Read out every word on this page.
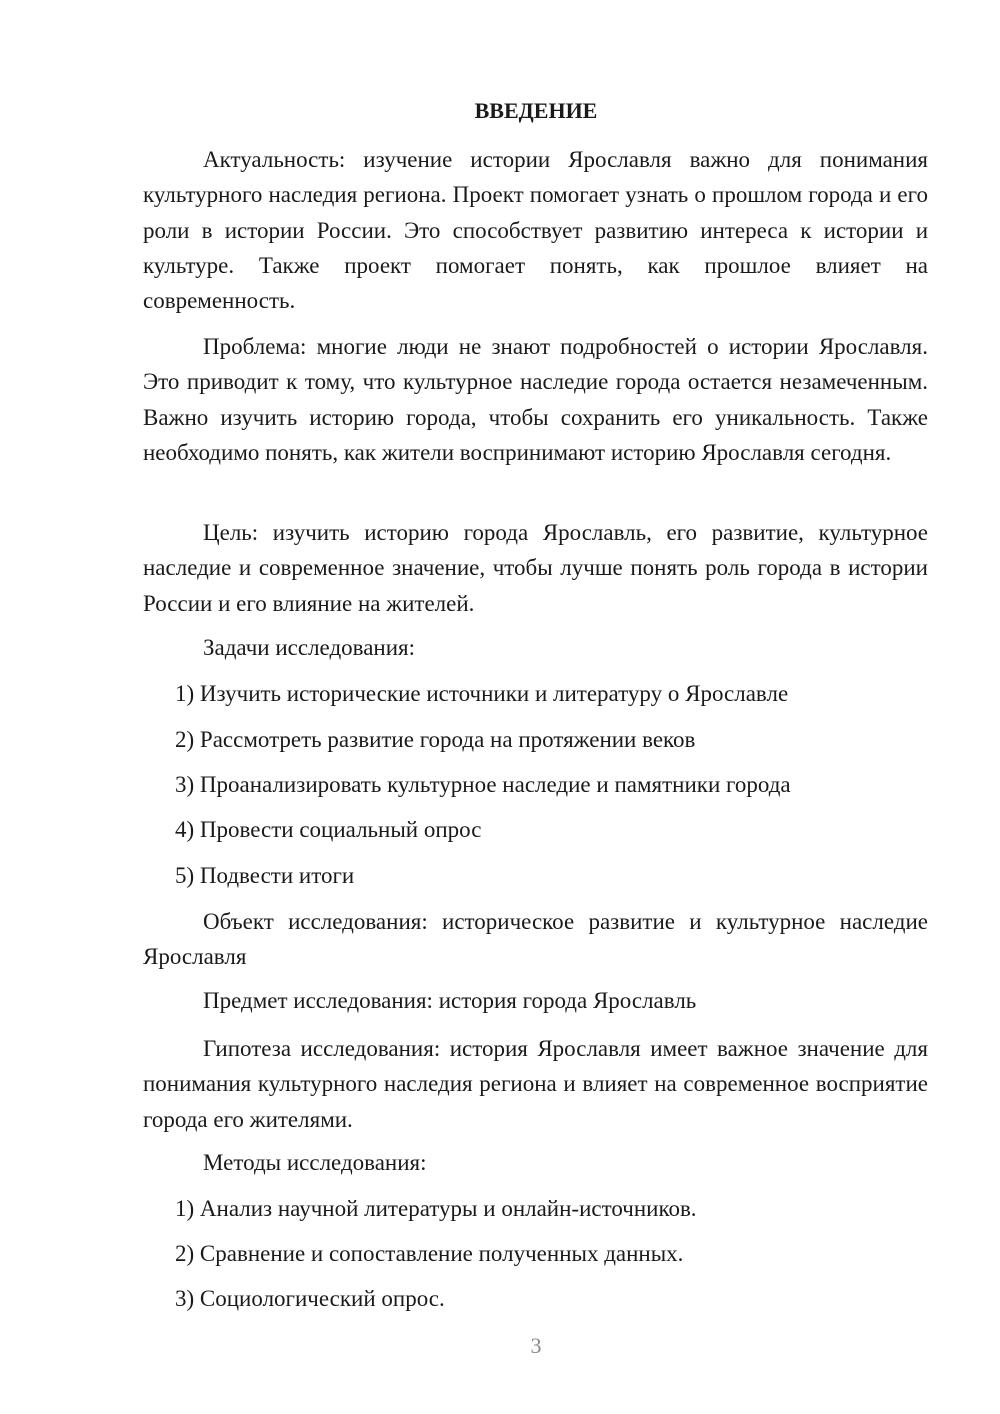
ВВЕДЕНИЕ

Актуальность: изучение истории Ярославля важно для понимания культурного наследия региона. Проект помогает узнать о прошлом города и его роли в истории России. Это способствует развитию интереса к истории и культуре. Также проект помогает понять, как прошлое влияет на современность.

Проблема: многие люди не знают подробностей о истории Ярославля. Это приводит к тому, что культурное наследие города остается незамеченным. Важно изучить историю города, чтобы сохранить его уникальность. Также необходимо понять, как жители воспринимают историю Ярославля сегодня.

Цель: изучить историю города Ярославль, его развитие, культурное наследие и современное значение, чтобы лучше понять роль города в истории России и его влияние на жителей.

Задачи исследования:

1) Изучить исторические источники и литературу о Ярославле

2) Рассмотреть развитие города на протяжении веков

3) Проанализировать культурное наследие и памятники города

4) Провести социальный опрос

5) Подвести итоги

Объект исследования: историческое развитие и культурное наследие Ярославля

Предмет исследования: история города Ярославль

Гипотеза исследования: история Ярославля имеет важное значение для понимания культурного наследия региона и влияет на современное восприятие города его жителями.

Методы исследования:

1) Анализ научной литературы и онлайн-источников.

2) Сравнение и сопоставление полученных данных.

3) Социологический опрос.

3
